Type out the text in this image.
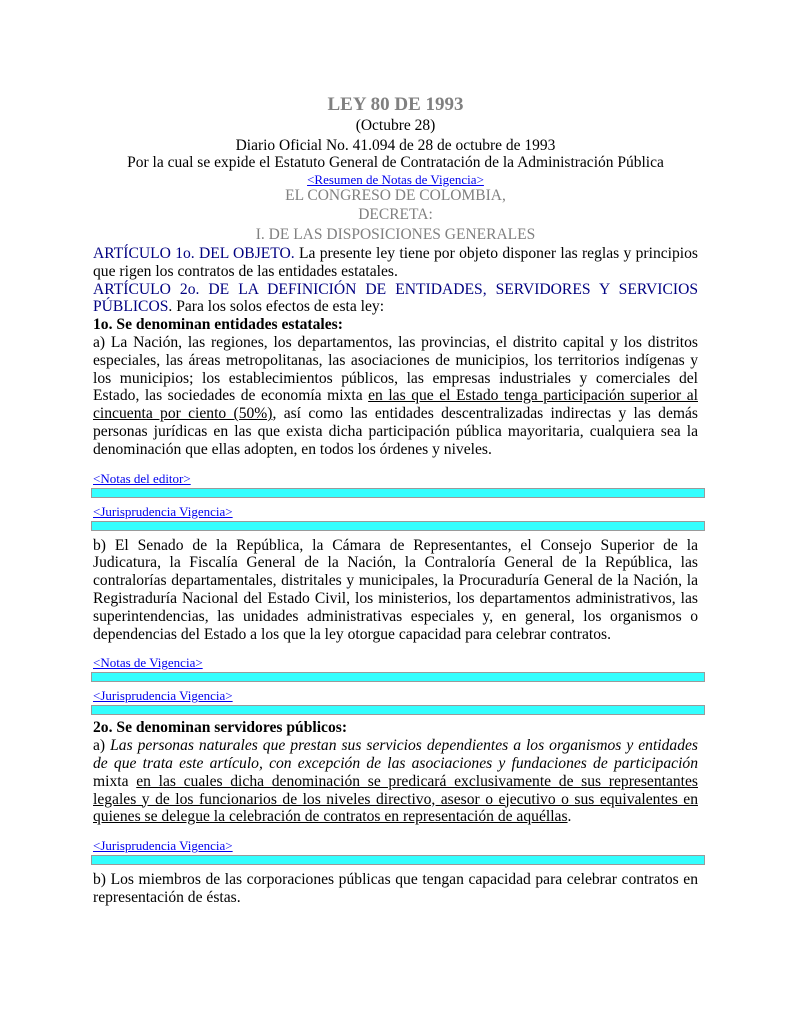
LEY 80 DE 1993
(Octubre 28)
Diario Oficial No. 41.094 de 28 de octubre de 1993
Por la cual se expide el Estatuto General de Contratación de la Administración Pública
<Resumen de Notas de Vigencia>
EL CONGRESO DE COLOMBIA,
DECRETA:
I. DE LAS DISPOSICIONES GENERALES

ARTÍCULO 1o. DEL OBJETO. La presente ley tiene por objeto disponer las reglas y principios que rigen los contratos de las entidades estatales.

ARTÍCULO 2o. DE LA DEFINICIÓN DE ENTIDADES, SERVIDORES Y SERVICIOS PÚBLICOS. Para los solos efectos de esta ley:

1o. Se denominan entidades estatales:

a) La Nación, las regiones, los departamentos, las provincias, el distrito capital y los distritos especiales, las áreas metropolitanas, las asociaciones de municipios, los territorios indígenas y los municipios; los establecimientos públicos, las empresas industriales y comerciales del Estado, las sociedades de economía mixta en las que el Estado tenga participación superior al cincuenta por ciento (50%), así como las entidades descentralizadas indirectas y las demás personas jurídicas en las que exista dicha participación pública mayoritaria, cualquiera sea la denominación que ellas adopten, en todos los órdenes y niveles.

<Notas del editor>

<Jurisprudencia Vigencia>

b) El Senado de la República, la Cámara de Representantes, el Consejo Superior de la Judicatura, la Fiscalía General de la Nación, la Contraloría General de la República, las contralorías departamentales, distritales y municipales, la Procuraduría General de la Nación, la Registraduría Nacional del Estado Civil, los ministerios, los departamentos administrativos, las superintendencias, las unidades administrativas especiales y, en general, los organismos o dependencias del Estado a los que la ley otorgue capacidad para celebrar contratos.

<Notas de Vigencia>

<Jurisprudencia Vigencia>

2o. Se denominan servidores públicos:

a) Las personas naturales que prestan sus servicios dependientes a los organismos y entidades de que trata este artículo, con excepción de las asociaciones y fundaciones de participación mixta en las cuales dicha denominación se predicará exclusivamente de sus representantes legales y de los funcionarios de los niveles directivo, asesor o ejecutivo o sus equivalentes en quienes se delegue la celebración de contratos en representación de aquéllas.

<Jurisprudencia Vigencia>

b) Los miembros de las corporaciones públicas que tengan capacidad para celebrar contratos en representación de éstas.
